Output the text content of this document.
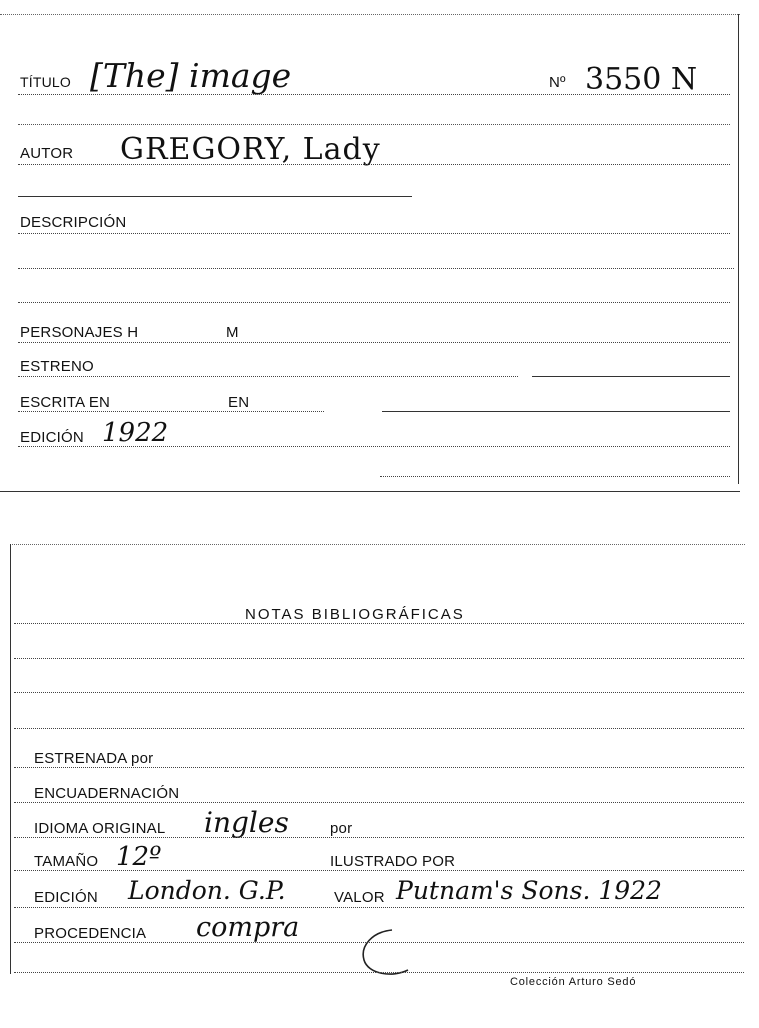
TÍTULO [The] image	Nº 3550 N
AUTOR GREGORY, Lady
DESCRIPCIÓN
PERSONAJES H	M
ESTRENO
ESCRITA EN	EN
EDICIÓN 1922
NOTAS BIBLIOGRÁFICAS
ESTRENADA por
ENCUADERNACIÓN
IDIOMA ORIGINAL ingles	por
TAMAÑO 12º	ILUSTRADO POR
EDICIÓN London. G.P.	VALOR Putnam's Sons. 1922
PROCEDENCIA compra
Colección Arturo Sedó
